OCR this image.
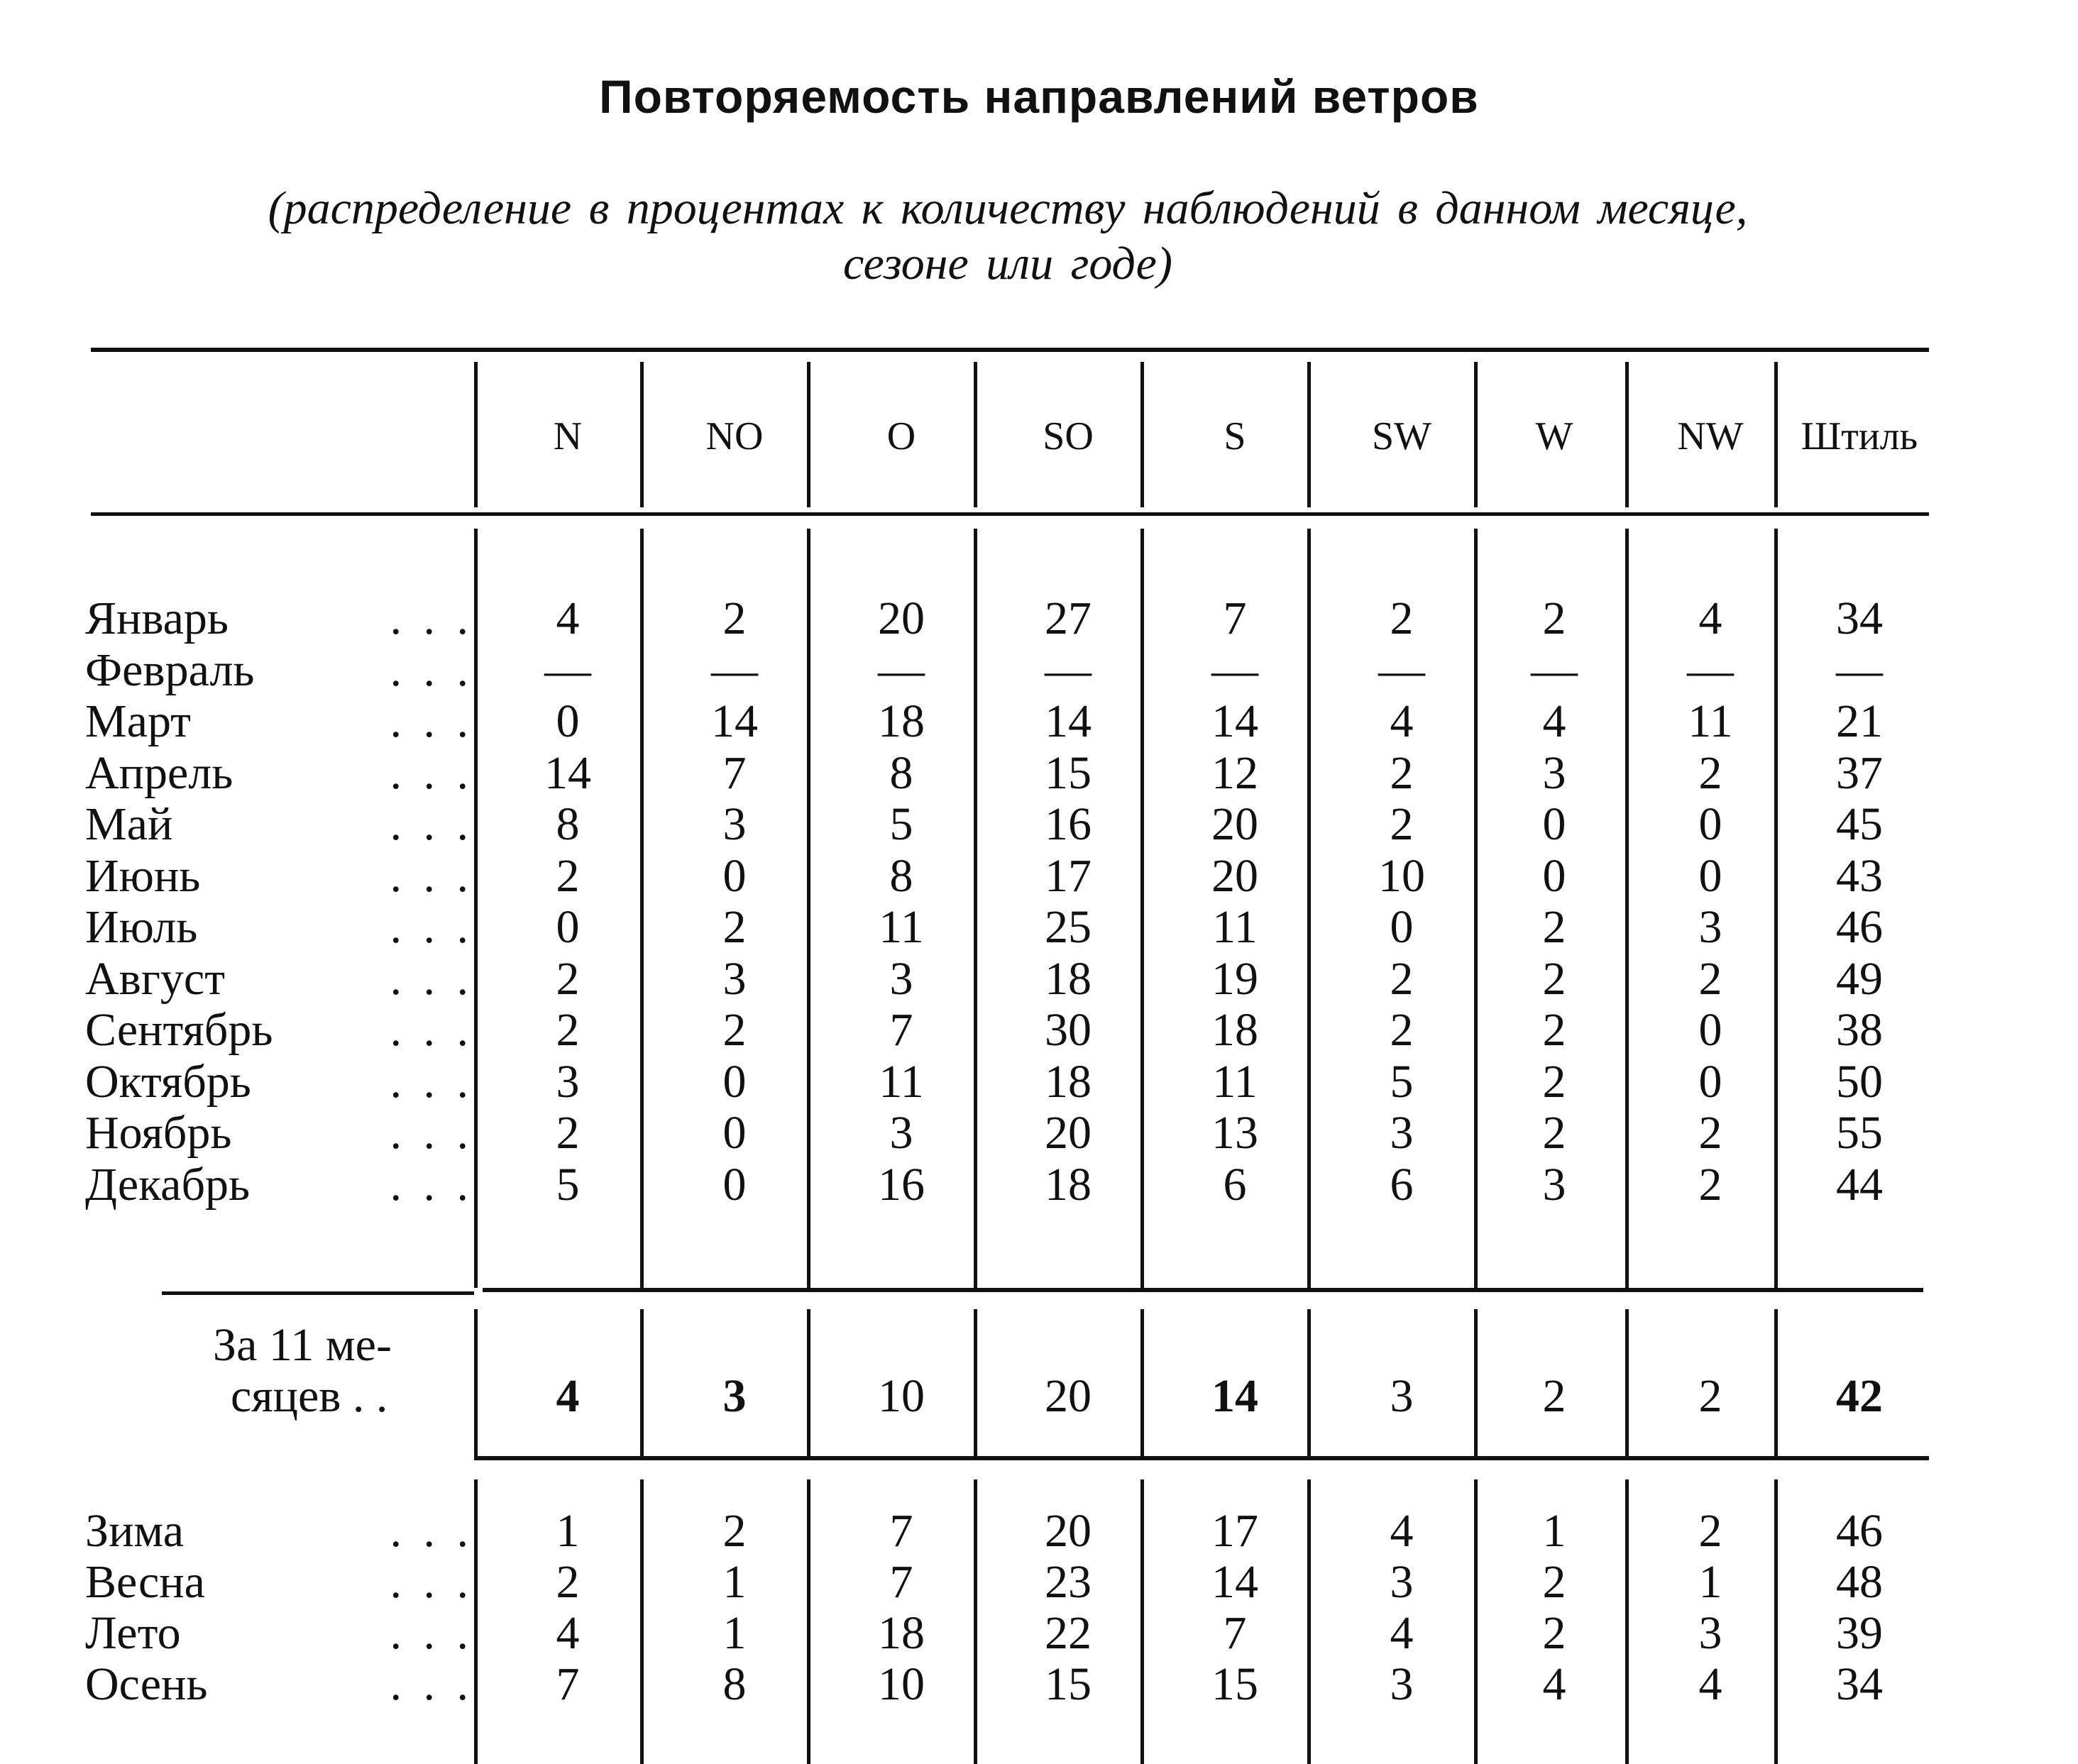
Повторяемость направлений ветров
(распределение в процентах к количеству наблюдений в данном месяце,
сезоне или годе)
N	NO	O	SO	S	SW	W	NW	Штиль
Январь	. . .	4	2	20	27	7	2	2	4	34
Февраль	. . .	—	—	—	—	—	—	—	—	—
Март	. . .	0	14	18	14	14	4	4	11	21
Апрель	. . .	14	7	8	15	12	2	3	2	37
Май	. . .	8	3	5	16	20	2	0	0	45
Июнь	. . .	2	0	8	17	20	10	0	0	43
Июль	. . .	0	2	11	25	11	0	2	3	46
Август	. . .	2	3	3	18	19	2	2	2	49
Сентябрь	. . .	2	2	7	30	18	2	2	0	38
Октябрь	. . .	3	0	11	18	11	5	2	0	50
Ноябрь	. . .	2	0	3	20	13	3	2	2	55
Декабрь	. . .	5	0	16	18	6	6	3	2	44
За 11 ме-
сяцев . .	4	3	10	20	14	3	2	2	42
Зима	. . .	1	2	7	20	17	4	1	2	46
Весна	. . .	2	1	7	23	14	3	2	1	48
Лето	. . .	4	1	18	22	7	4	2	3	39
Осень	. . .	7	8	10	15	15	3	4	4	34
